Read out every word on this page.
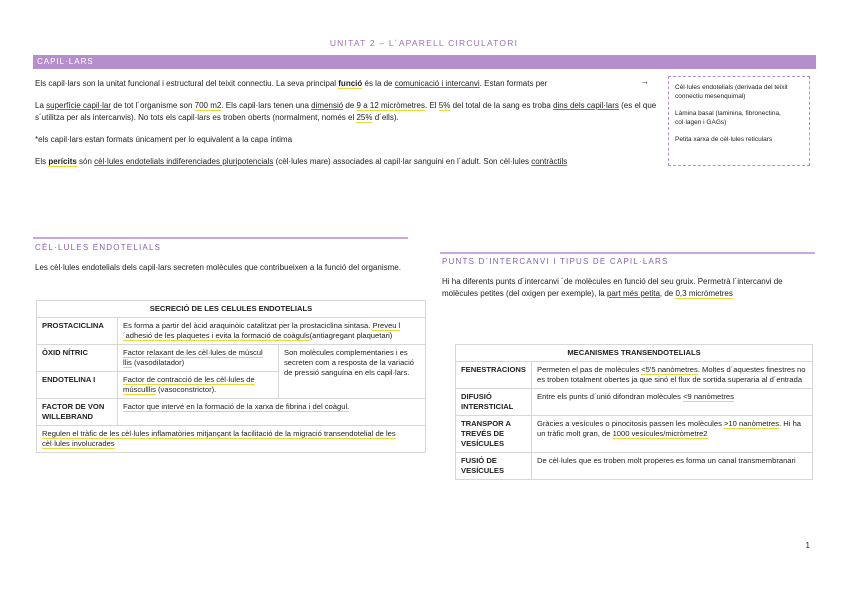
UNITAT 2 – L´APARELL CIRCULATORI
CAPIL·LARS
Els capil·lars son la unitat funcional i estructural del teixit connectiu. La seva principal funció és la de comunicació i intercanvi. Estan formats per	→
La superfície capil·lar de tot l´organisme son 700 m2. Els capil·lars tenen una dimensió de 9 a 12 micròmetres. El 5% del total de la sang es troba dins dels capil·lars (es el que s´utilitza per als intercanvis). No tots els capil·lars es troben oberts (normalment, només el 25% d´ells).
*els capil·lars estan formats únicament per lo equivalent a la capa íntima
Els perícits són cèl·lules endotelials indiferenciades pluripotencials (cèl·lules mare) associades al capil·lar sanguini en l´adult. Son cèl·lules contràctils
Cèl·lules endotelials (derivada del teixit connectiu mesenquimal)
Làmina basal (laminina, fibronectina, col·lagen i GAGs)
Petita xarxa de cèl·lules reticulars
CÈL·LULES ENDOTELIALS
Les cèl·lules endotelials dels capil·lars secreten molècules que contribueixen a la funció del organisme.
SECRECIÓ DE LES CELULES ENDOTELIALS		
PROSTACICLINA	Es forma a partir del àcid araquinòic catalitzat per la prostaciclina sintasa. Preveu l´adhesió de les plaquetes i evita la formació de coàguls(antiagregant plaquetari)	
ÒXID NÍTRIC	Factor relaxant de les cèl·lules de múscul llis (vasodilatador)	Son molècules complementaries i es secreten com a resposta de la variació de pressió sanguína en els capil·lars.
ENDOTELINA I	Factor de contracció de les cèl·lules de músculllis (vasoconstrictor).	
FACTOR DE VON WILLEBRAND	Factor que intervé en la formació de la xarxa de fibrina i del coàgul.	
Regulen el tràfic de les cèl·lules inflamatòries mitjançant la facilitació de la migració transendotelial de les cèl·lules involucrades		
PUNTS D´INTERCANVI I TIPUS DE CAPIL·LARS
Hi ha diferents punts d´intercanvi ´de molècules en funció del seu gruix. Permetrà l´intercanvi de molècules petites (del oxigen per exemple), la part més petita, de 0,3 micròmetres
MECANISMES TRANSENDOTELIALS	
FENESTRACIONS	Permeten el pas de molècules <5'5 nanòmetres. Moltes d´aquestes finestres no es troben totalment obertes ja que sinó el flux de sortida superaria al d´entrada
DIFUSIÓ INTERSTICIAL	Entre els punts d´unió difondran molècules <9 nanòmetres
TRANSPOR A TREVÉS DE VESÍCULES	Gràcies a vesícules o pinocitosis passen les molècules >10 nanòmetres. Hi ha un tràfic molt gran, de 1000 vesícules/micròmetre2
FUSIÓ DE VESÍCULES	De cèl·lules que es troben molt properes es forma un canal transmembranari
1
